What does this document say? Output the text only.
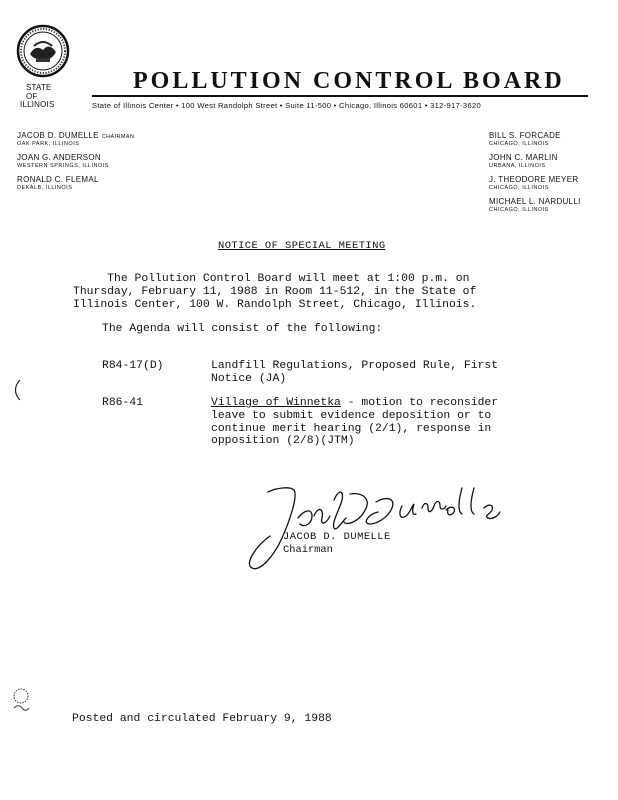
STATE
OF
ILLINOIS
POLLUTION CONTROL BOARD
State of Illinois Center • 100 West Randolph Street • Suite 11-500 • Chicago, Illinois 60601 • 312-917-3620
JACOB D. DUMELLE CHAIRMAN
OAK PARK, ILLINOIS
JOAN G. ANDERSON
WESTERN SPRINGS, ILLINOIS
RONALD C. FLEMAL
DEKALB, ILLINOIS
BILL S. FORCADE
CHICAGO, ILLINOIS
JOHN C. MARLIN
URBANA, ILLINOIS
J. THEODORE MEYER
CHICAGO, ILLINOIS
MICHAEL L. NARDULLI
CHICAGO, ILLINOIS
NOTICE OF SPECIAL MEETING
The Pollution Control Board will meet at 1:00 p.m. on
Thursday, February 11, 1988 in Room 11-512, in the State of
Illinois Center, 100 W. Randolph Street, Chicago, Illinois.
The Agenda will consist of the following:
R84-17(D)	Landfill Regulations, Proposed Rule, First
Notice (JA)
R86-41	Village of Winnetka - motion to reconsider
leave to submit evidence deposition or to
continue merit hearing (2/1), response in
opposition (2/8)(JTM)
JACOB D. DUMELLE
Chairman
Posted and circulated February 9, 1988
